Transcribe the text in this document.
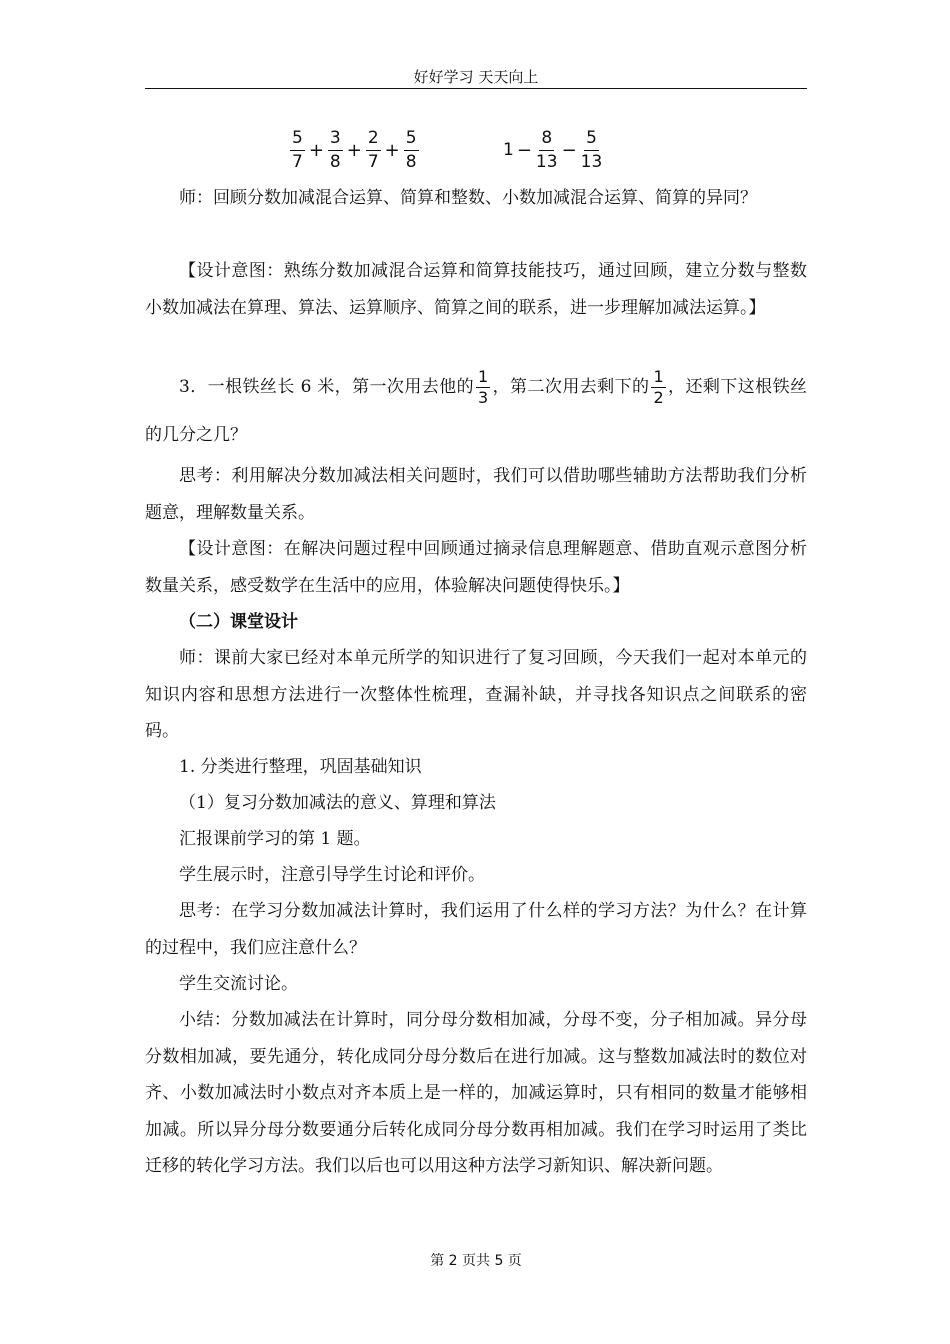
好好学习 天天向上
$\frac{5}{7} + \frac{3}{8} + \frac{2}{7} + \frac{5}{8}$	$1 - \frac{8}{13} - \frac{5}{13}$
师：回顾分数加减混合运算、简算和整数、小数加减混合运算、简算的异同？
【设计意图：熟练分数加减混合运算和简算技能技巧，通过回顾，建立分数与整数小数加减法在算理、算法、运算顺序、简算之间的联系，进一步理解加减法运算。】
3．一根铁丝长 6 米，第一次用去他的 $\frac{1}{3}$ ，第二次用去剩下的 $\frac{1}{2}$ ，还剩下这根铁丝的几分之几？
思考：利用解决分数加减法相关问题时，我们可以借助哪些辅助方法帮助我们分析题意，理解数量关系。
【设计意图：在解决问题过程中回顾通过摘录信息理解题意、借助直观示意图分析数量关系，感受数学在生活中的应用，体验解决问题使得快乐。】
（二）课堂设计
师：课前大家已经对本单元所学的知识进行了复习回顾，今天我们一起对本单元的知识内容和思想方法进行一次整体性梳理，查漏补缺，并寻找各知识点之间联系的密码。
1. 分类进行整理，巩固基础知识
（1）复习分数加减法的意义、算理和算法
汇报课前学习的第 1 题。
学生展示时，注意引导学生讨论和评价。
思考：在学习分数加减法计算时，我们运用了什么样的学习方法？为什么？在计算的过程中，我们应注意什么？
学生交流讨论。
小结：分数加减法在计算时，同分母分数相加减，分母不变，分子相加减。异分母分数相加减，要先通分，转化成同分母分数后在进行加减。这与整数加减法时的数位对齐、小数加减法时小数点对齐本质上是一样的，加减运算时，只有相同的数量才能够相加减。所以异分母分数要通分后转化成同分母分数再相加减。我们在学习时运用了类比迁移的转化学习方法。我们以后也可以用这种方法学习新知识、解决新问题。
第 2 页共 5 页
